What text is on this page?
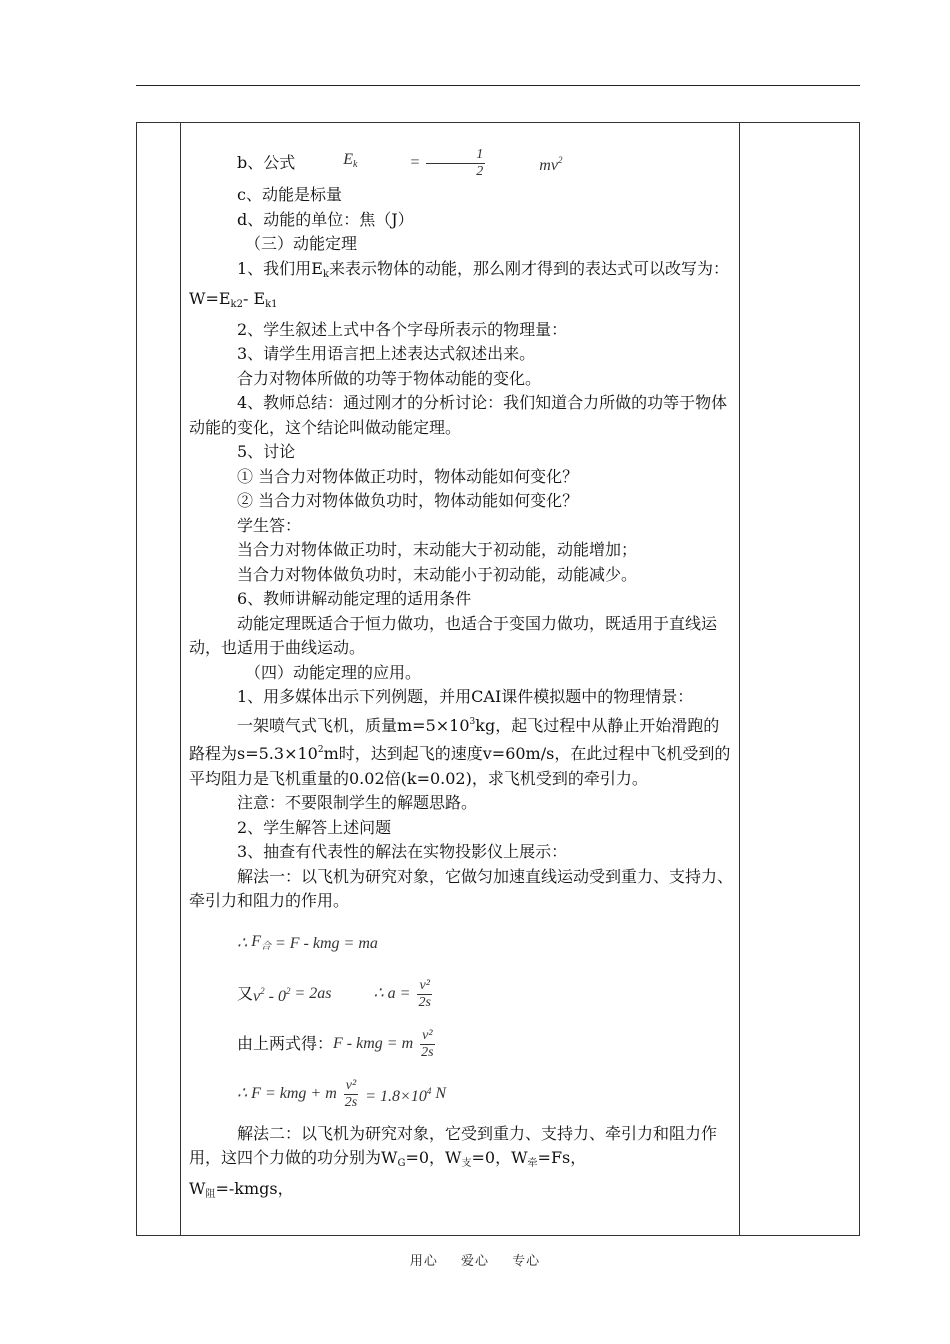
b、公式	$E_k$	= $\frac{1}{2}$	$mv^2$

c、动能是标量

d、动能的单位：焦（J）

（三）动能定理

1、我们用$E_k$来表示物体的动能，那么刚才得到的表达式可以改写为：$W=E_{k2}-$ $E_{k1}$

2、学生叙述上式中各个字母所表示的物理量：

3、请学生用语言把上述表达式叙述出来。

合力对物体所做的功等于物体动能的变化。

4、教师总结：通过刚才的分析讨论：我们知道合力所做的功等于物体动能的变化，这个结论叫做动能定理。

5、讨论

① 当合力对物体做正功时，物体动能如何变化？

② 当合力对物体做负功时，物体动能如何变化？

学生答：

当合力对物体做正功时，末动能大于初动能，动能增加；

当合力对物体做负功时，末动能小于初动能，动能减少。

6、教师讲解动能定理的适用条件

动能定理既适合于恒力做功，也适合于变国力做功，既适用于直线运动，也适用于曲线运动。

（四）动能定理的应用。

1、用多媒体出示下列例题，并用CAI课件模拟题中的物理情景：

一架喷气式飞机，质量$m=5\times 10^3kg$，起飞过程中从静止开始滑跑的路程为$s=5.3\times 10^2m$时，达到起飞的速度v=60m/s，在此过程中飞机受到的平均阻力是飞机重量的0.02倍(k=0.02)，求飞机受到的牵引力。

注意：不要限制学生的解题思路。

2、学生解答上述问题

3、抽查有代表性的解法在实物投影仪上展示：

解法一：以飞机为研究对象，它做匀加速直线运动受到重力、支持力、牵引力和阻力的作用。

∴ $F_合 = F$ - kmg = ma
又 $v^2 - 0^2 = 2as$	∴ $a = \frac{\text{v²}}{2s}$
由上两式得： F - kmg = m $\frac{\text{v²}}{2s}$
∴ F = kmg + m $\frac{\text{v²}}{2s} = 1.8\times 10^4$ N

解法二：以飞机为研究对象，它受到重力、支持力、牵引力和阻力作用，这四个力做的功分别为$W_G=0$，$W_支=0$，$W_牵=Fs$，

$W_阻=$-kmgs，

用心 爱心 专心
